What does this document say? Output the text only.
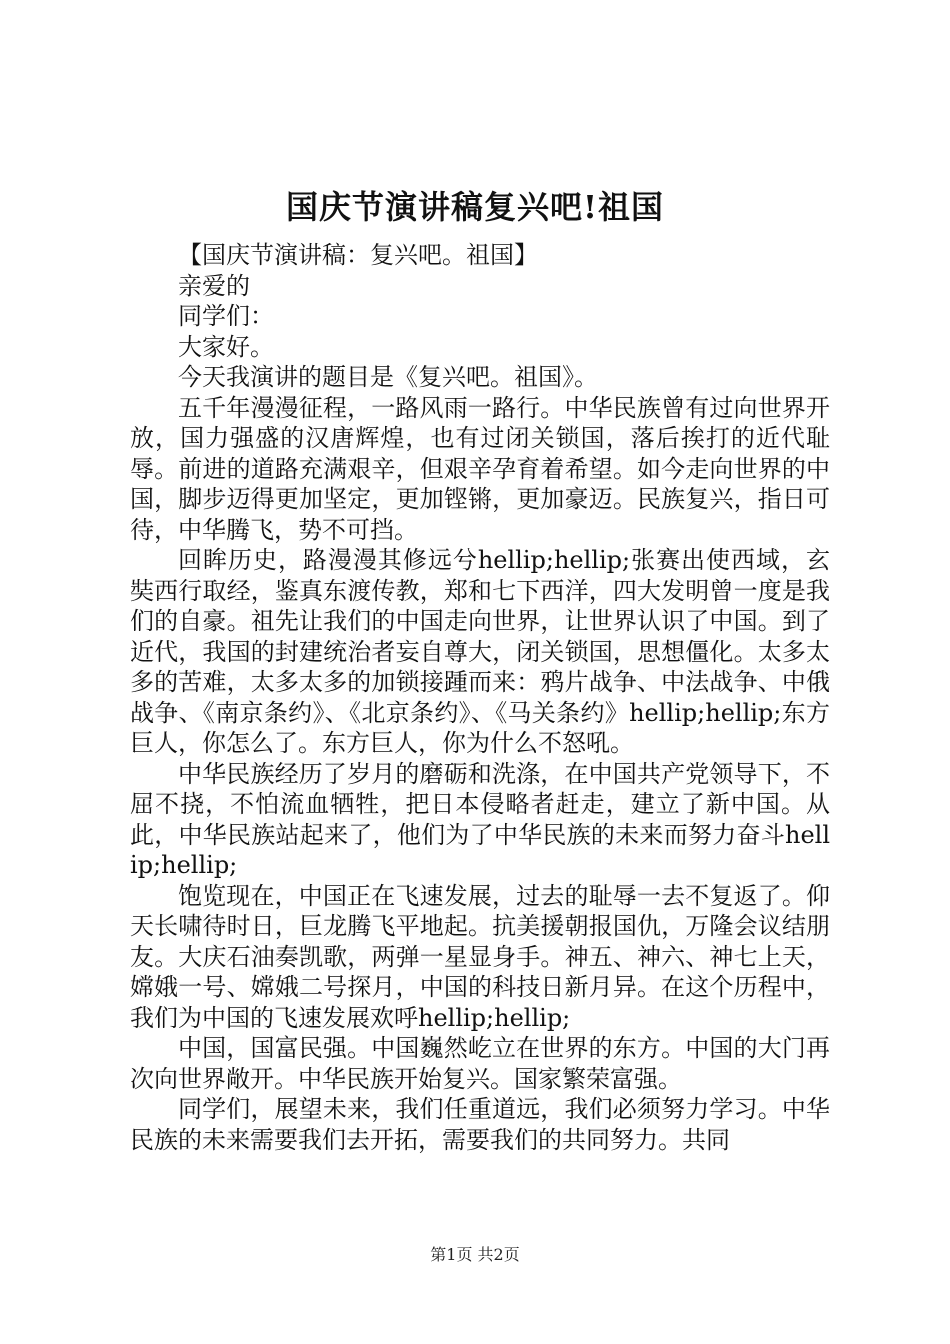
国庆节演讲稿复兴吧!祖国

【国庆节演讲稿：复兴吧。祖国】

亲爱的

同学们：

大家好。

今天我演讲的题目是《复兴吧。祖国》。

五千年漫漫征程，一路风雨一路行。中华民族曾有过向世界开放，国力强盛的汉唐辉煌，也有过闭关锁国，落后挨打的近代耻辱。前进的道路充满艰辛，但艰辛孕育着希望。如今走向世界的中国，脚步迈得更加坚定，更加铿锵，更加豪迈。民族复兴，指日可待，中华腾飞，势不可挡。

回眸历史，路漫漫其修远兮hellip;hellip;张赛出使西域，玄奘西行取经，鉴真东渡传教，郑和七下西洋，四大发明曾一度是我们的自豪。祖先让我们的中国走向世界，让世界认识了中国。到了近代，我国的封建统治者妄自尊大，闭关锁国，思想僵化。太多太多的苦难，太多太多的加锁接踵而来：鸦片战争、中法战争、中俄战争、《南京条约》、《北京条约》、《马关条约》hellip;hellip;东方巨人，你怎么了。东方巨人，你为什么不怒吼。

中华民族经历了岁月的磨砺和洗涤，在中国共产党领导下，不屈不挠，不怕流血牺牲，把日本侵略者赶走，建立了新中国。从此，中华民族站起来了，他们为了中华民族的未来而努力奋斗hellip;hellip;

饱览现在，中国正在飞速发展，过去的耻辱一去不复返了。仰天长啸待时日，巨龙腾飞平地起。抗美援朝报国仇，万隆会议结朋友。大庆石油奏凯歌，两弹一星显身手。神五、神六、神七上天，嫦娥一号、嫦娥二号探月，中国的科技日新月异。在这个历程中，我们为中国的飞速发展欢呼hellip;hellip;

中国，国富民强。中国巍然屹立在世界的东方。中国的大门再次向世界敞开。中华民族开始复兴。国家繁荣富强。

同学们，展望未来，我们任重道远，我们必须努力学习。中华民族的未来需要我们去开拓，需要我们的共同努力。共同

第1页 共2页
